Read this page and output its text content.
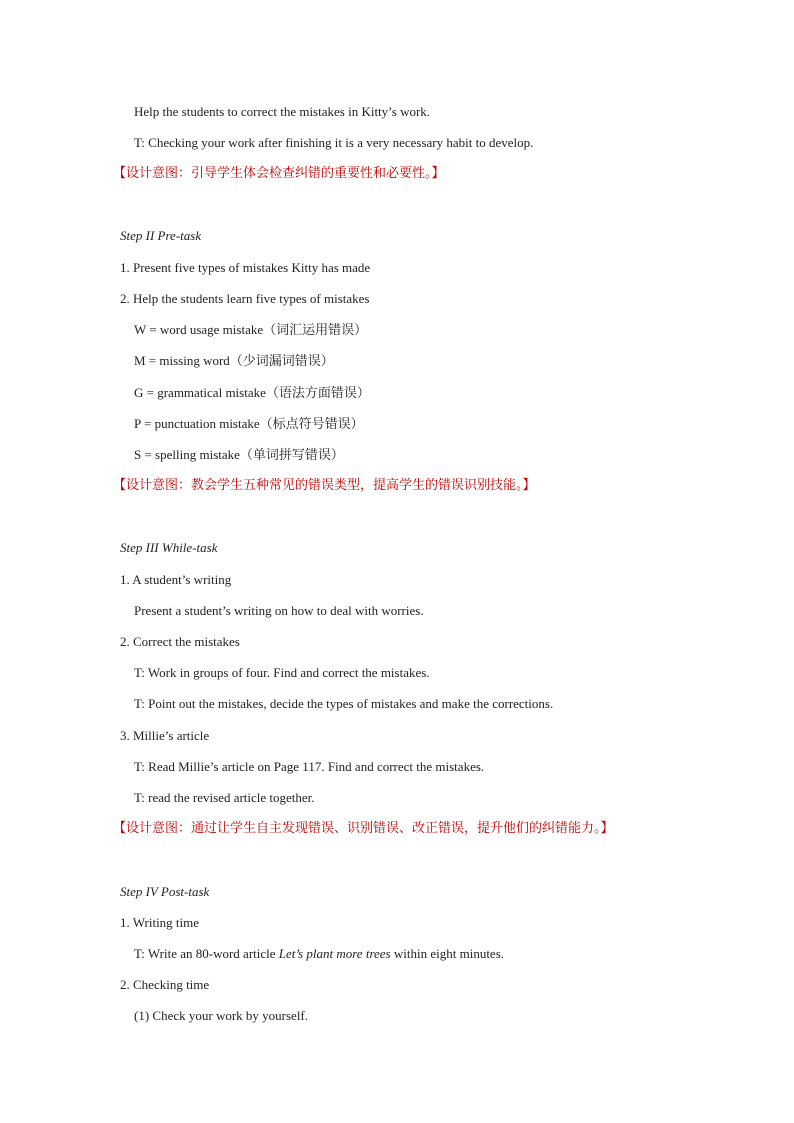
Help the students to correct the mistakes in Kitty’s work.
T: Checking your work after finishing it is a very necessary habit to develop.
【设计意图：引导学生体会检查纠错的重要性和必要性。】
Step II Pre-task
1. Present five types of mistakes Kitty has made
2. Help the students learn five types of mistakes
W = word usage mistake（词汇运用错误）
M = missing word（少词漏词错误）
G = grammatical mistake（语法方面错误）
P = punctuation mistake（标点符号错误）
S = spelling mistake（单词拼写错误）
【设计意图：教会学生五种常见的错误类型，提高学生的错误识别技能。】
Step III While-task
1. A student’s writing
Present a student’s writing on how to deal with worries.
2. Correct the mistakes
T: Work in groups of four. Find and correct the mistakes.
T: Point out the mistakes, decide the types of mistakes and make the corrections.
3. Millie’s article
T: Read Millie’s article on Page 117. Find and correct the mistakes.
T: read the revised article together.
【设计意图：通过让学生自主发现错误、识别错误、改正错误，提升他们的纠错能力。】
Step IV Post-task
1. Writing time
T: Write an 80-word article Let’s plant more trees within eight minutes.
2. Checking time
(1) Check your work by yourself.
